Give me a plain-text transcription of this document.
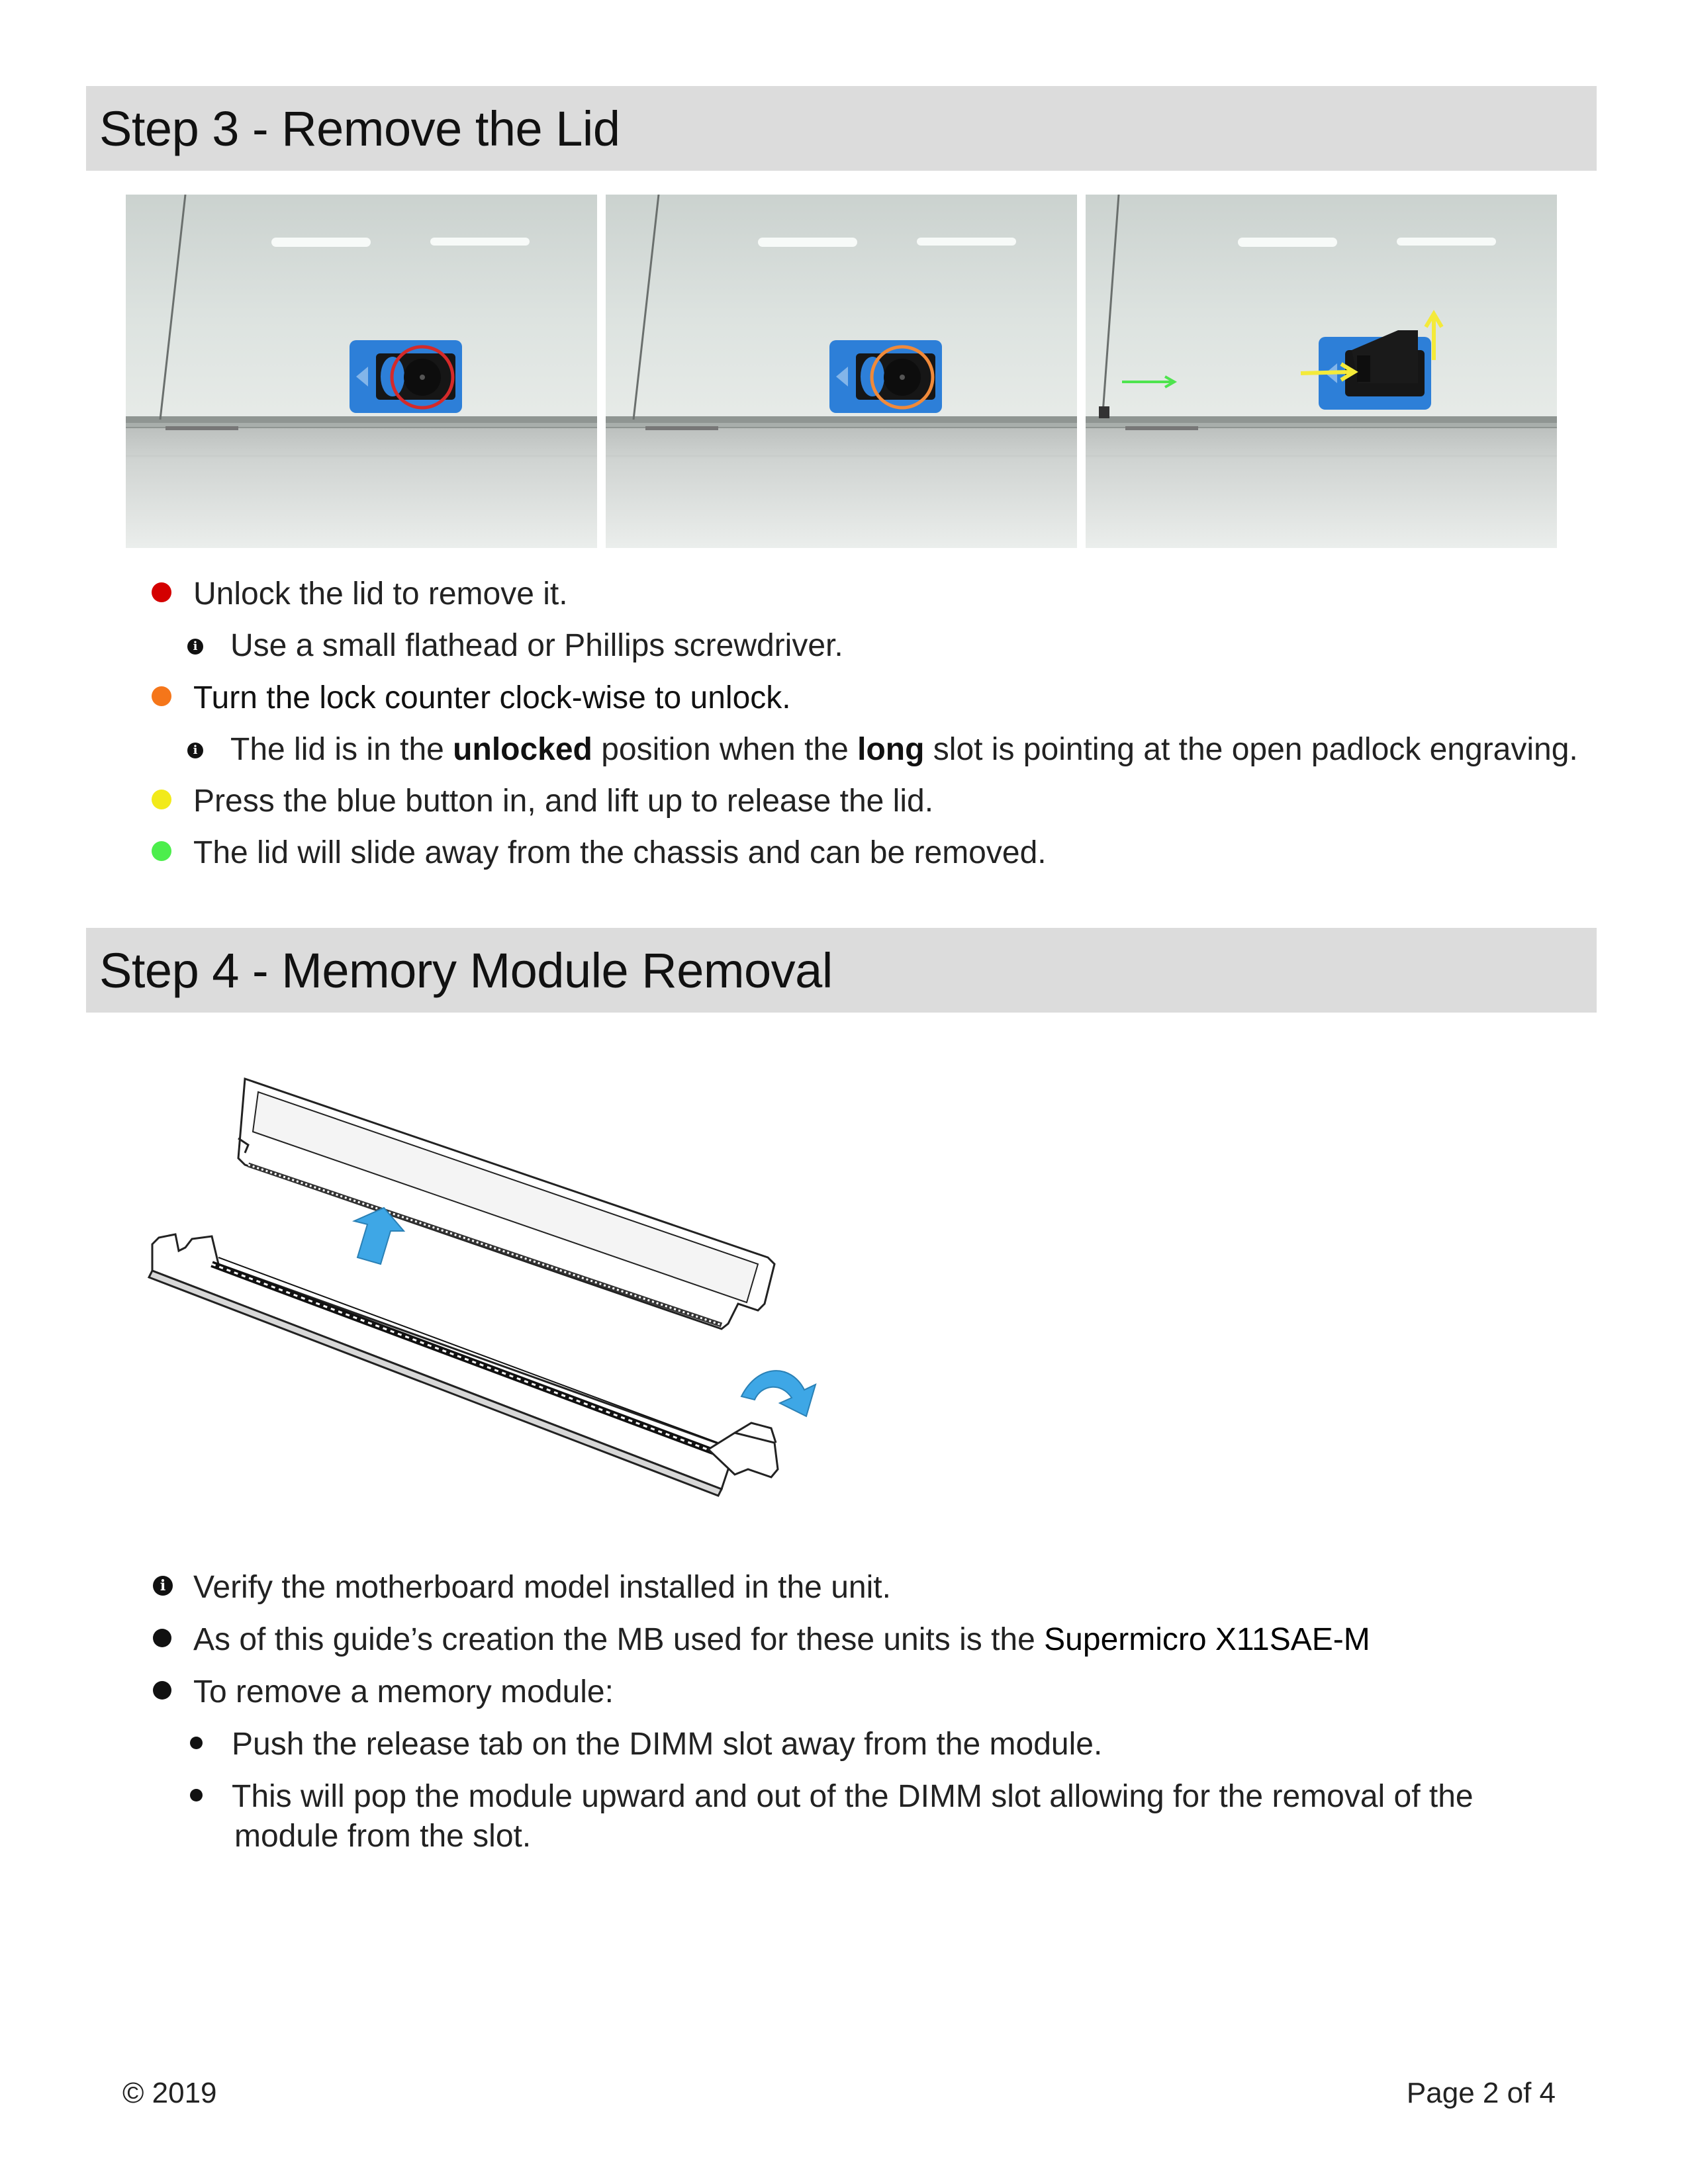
Step 3 - Remove the Lid
Unlock the lid to remove it.
i Use a small flathead or Phillips screwdriver.
Turn the lock counter clock-wise to unlock.
i The lid is in the unlocked position when the long slot is pointing at the open padlock engraving.
Press the blue button in, and lift up to release the lid.
The lid will slide away from the chassis and can be removed.
Step 4 - Memory Module Removal
i Verify the motherboard model installed in the unit.
As of this guide’s creation the MB used for these units is the Supermicro X11SAE-M
To remove a memory module:
Push the release tab on the DIMM slot away from the module.
This will pop the module upward and out of the DIMM slot allowing for the removal of the
module from the slot.
© 2019	Page 2 of 4
